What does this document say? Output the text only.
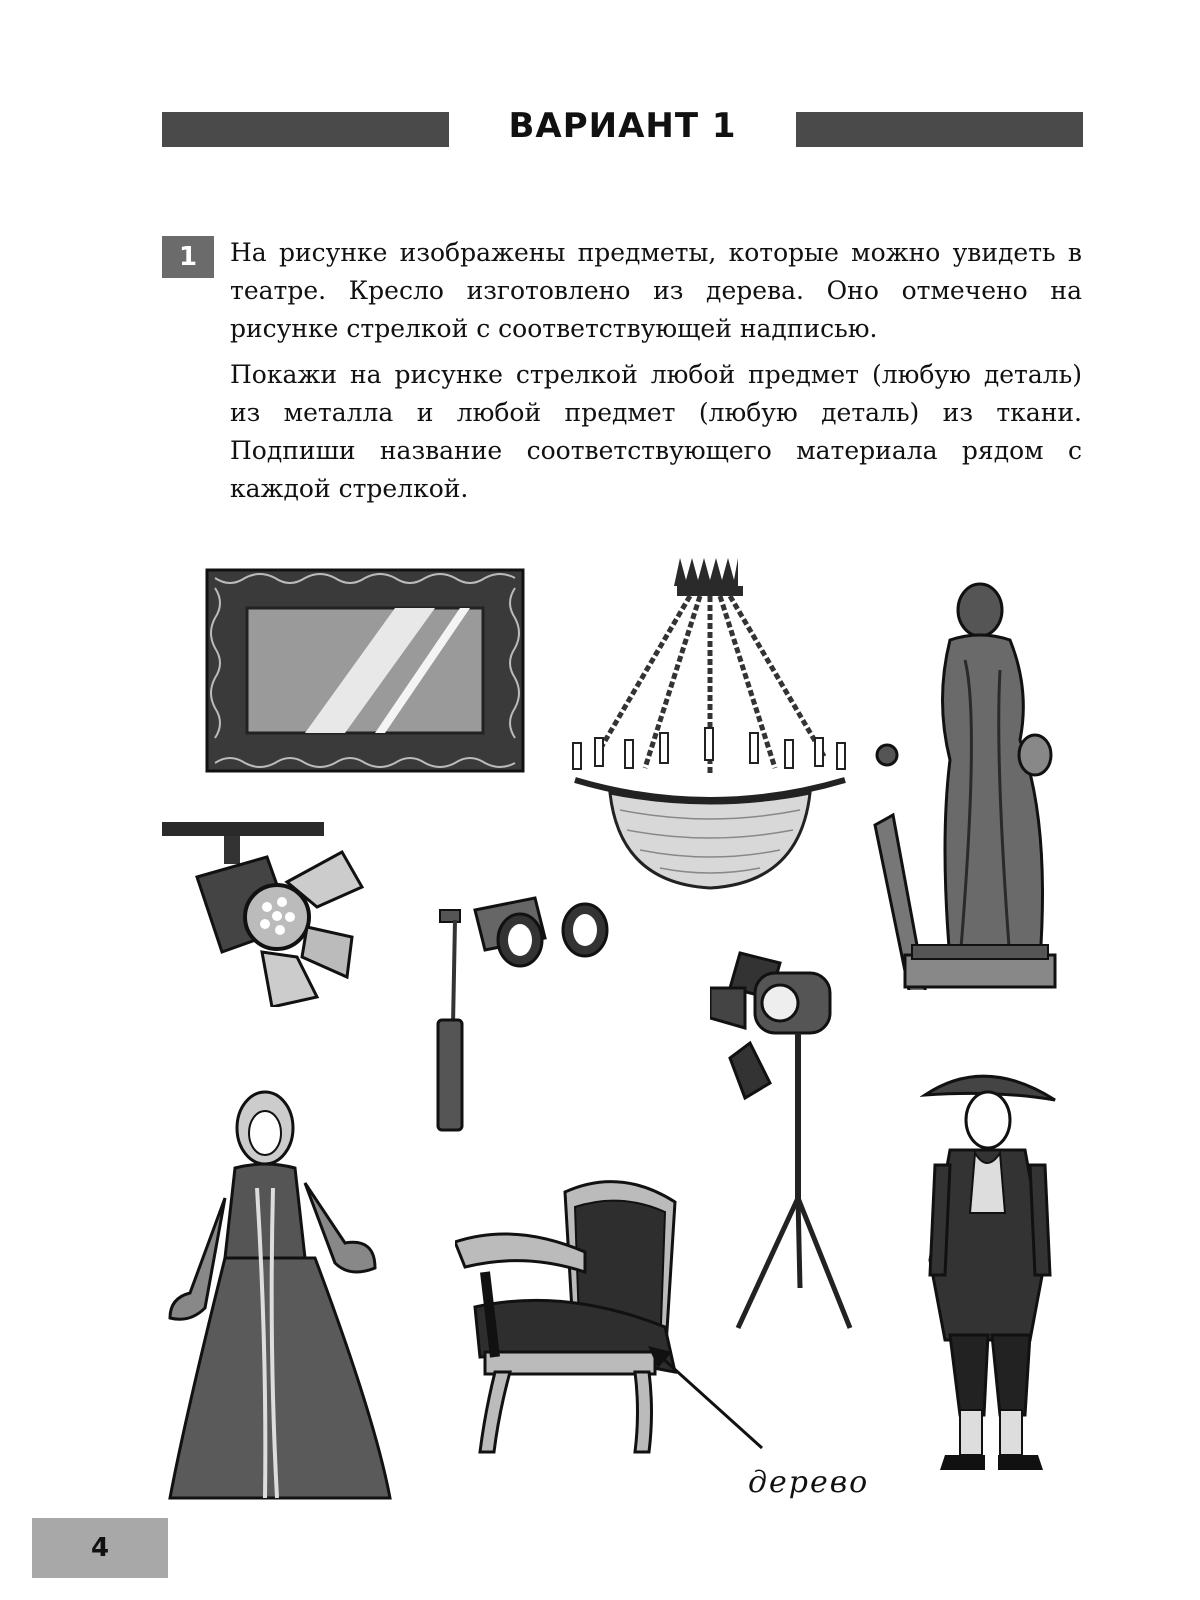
ВАРИАНТ 1
1	На рисунке изображены предметы, которые можно увидеть в театре. Кресло изготовлено из дерева. Оно отмечено на рисунке стрелкой с соответствующей надписью.

Покажи на рисунке стрелкой любой предмет (любую деталь) из металла и любой предмет (любую деталь) из ткани. Подпиши название соответствующего материала рядом с каждой стрелкой.

дерево
4
